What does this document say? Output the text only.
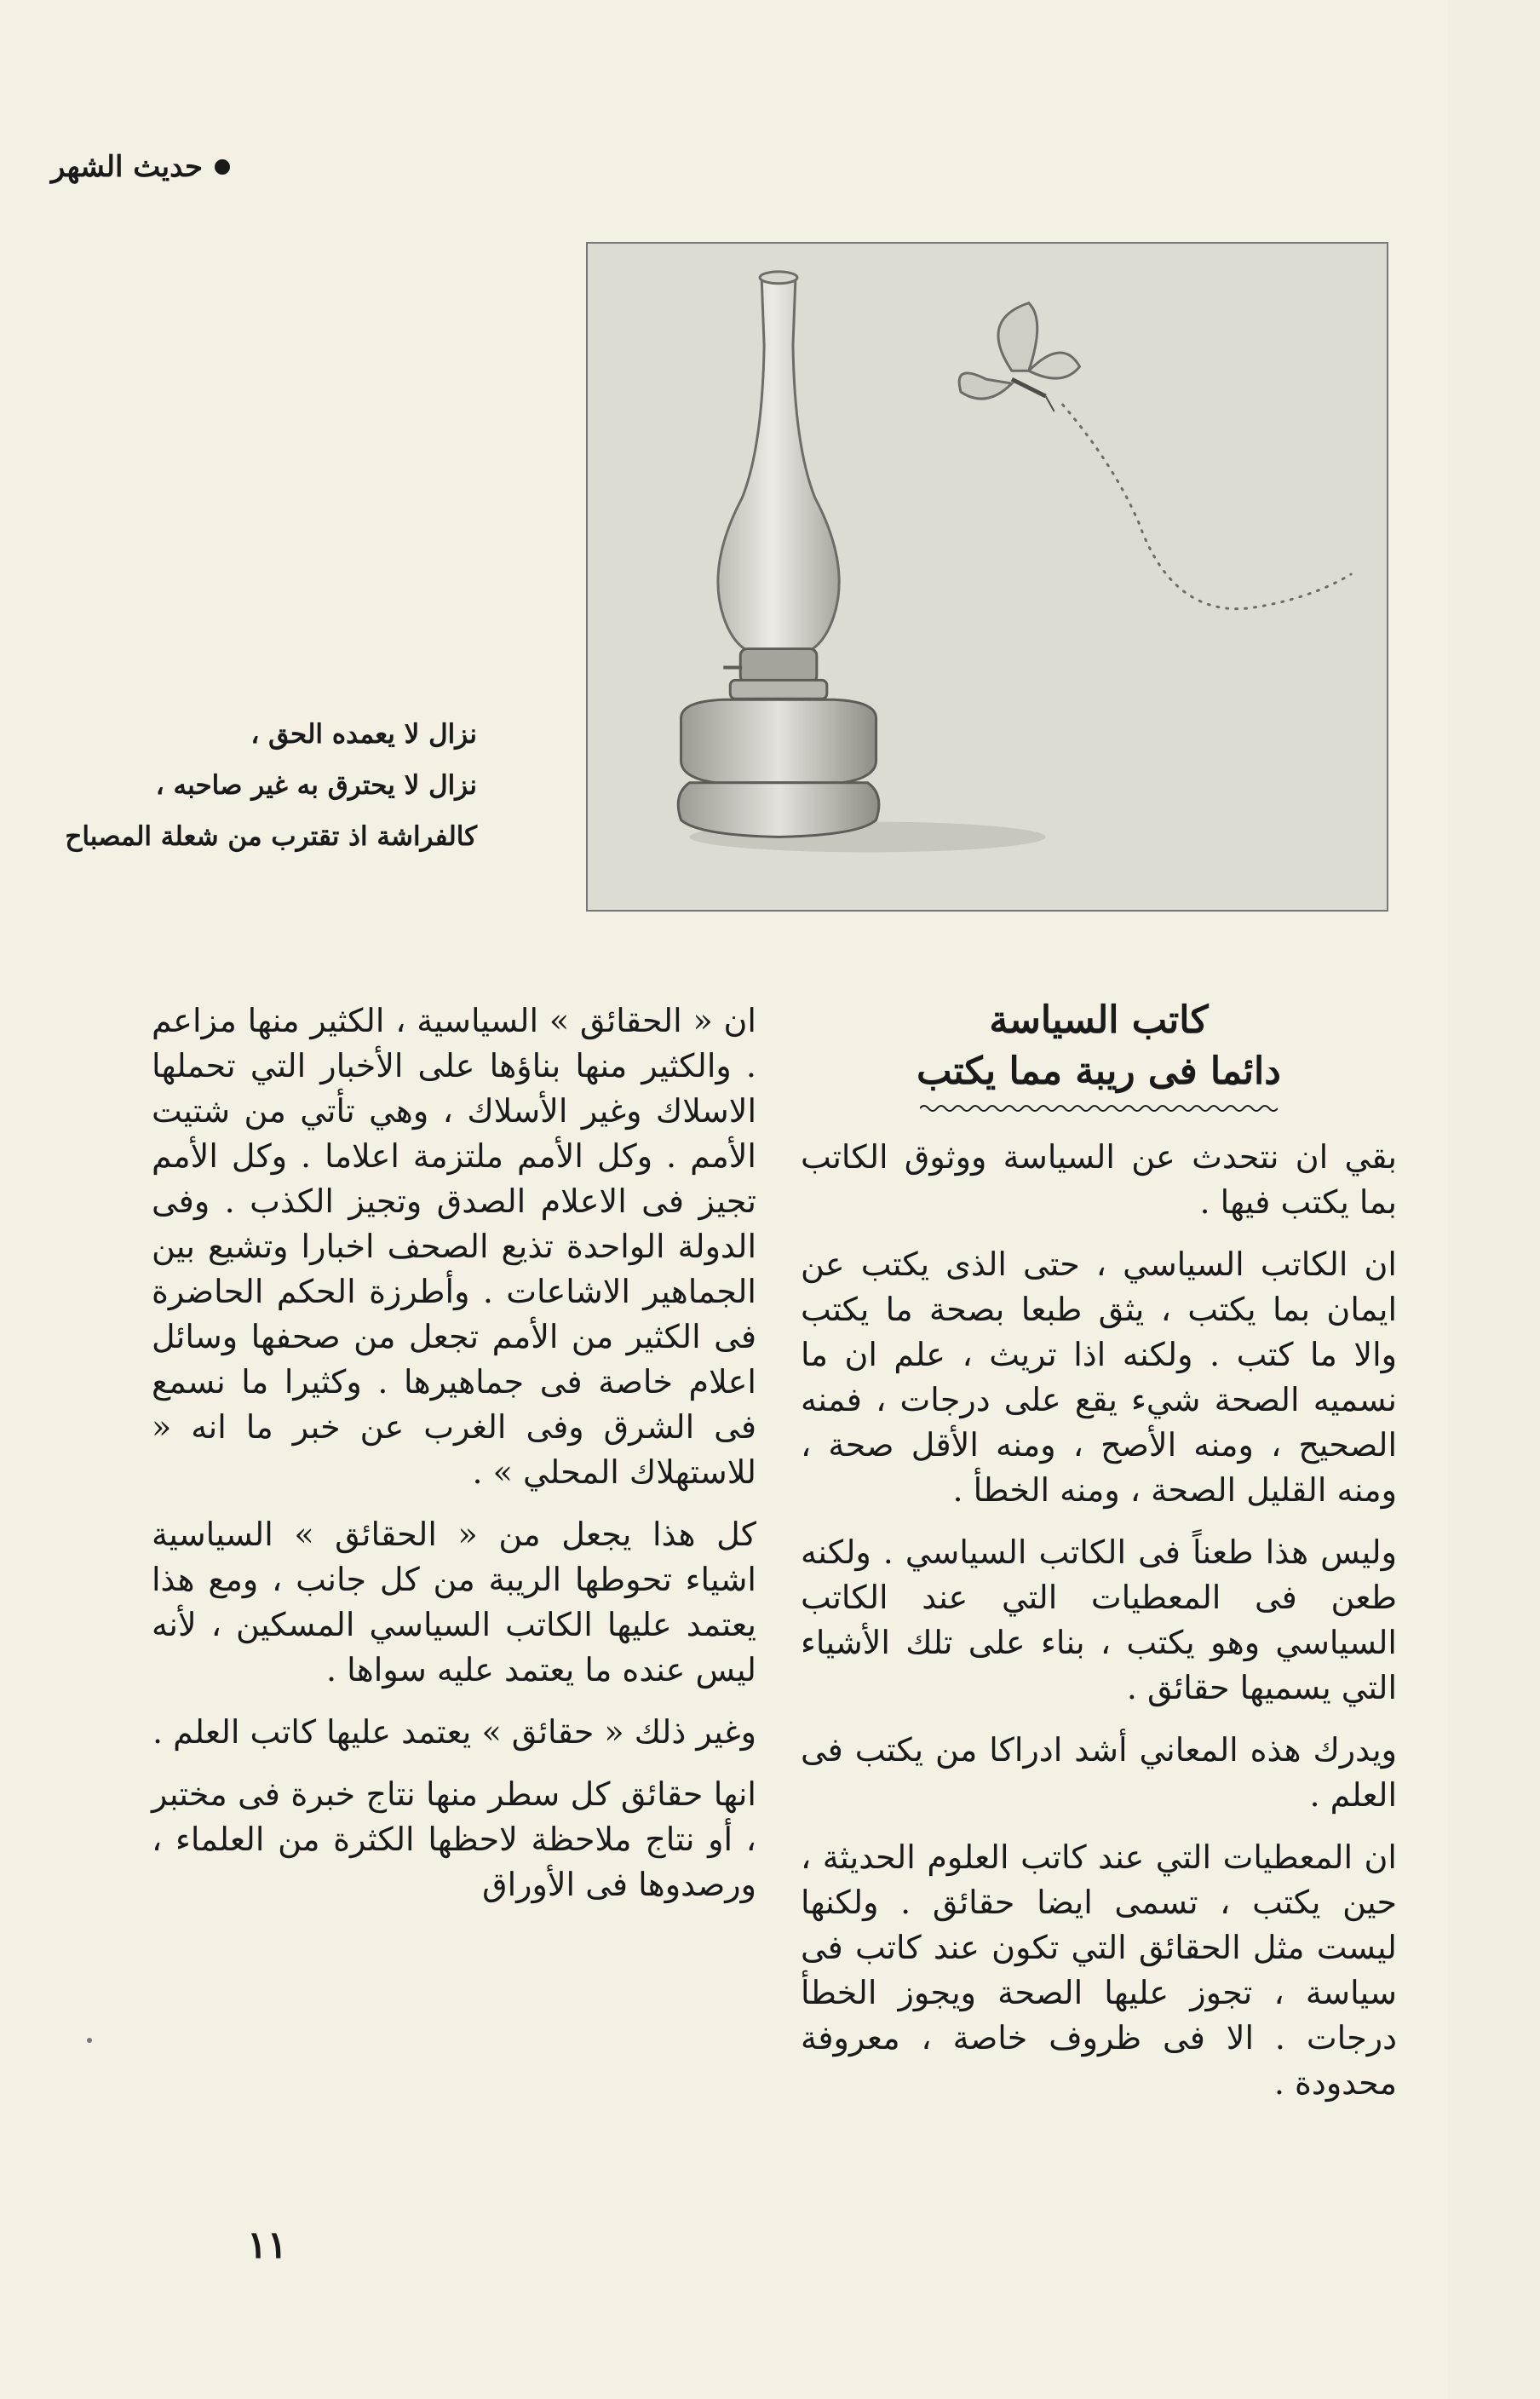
حديث الشهر
نزال لا يعمده الحق ،
نزال لا يحترق به غير صاحبه ،
كالفراشة اذ تقترب من شعلة المصباح
كاتب السياسة
دائما فى ريبة مما يكتب

بقي ان نتحدث عن السياسة ووثوق الكاتب بما يكتب فيها .

ان الكاتب السياسي ، حتى الذى يكتب عن ايمان بما يكتب ، يثق طبعا بصحة ما يكتب والا ما كتب . ولكنه اذا تريث ، علم ان ما نسميه الصحة شيء يقع على درجات ، فمنه الصحيح ، ومنه الأصح ، ومنه الأقل صحة ، ومنه القليل الصحة ، ومنه الخطأ .

وليس هذا طعناً فى الكاتب السياسي . ولكنه طعن فى المعطيات التي عند الكاتب السياسي وهو يكتب ، بناء على تلك الأشياء التي يسميها حقائق .

ويدرك هذه المعاني أشد ادراكا من يكتب فى العلم .

ان المعطيات التي عند كاتب العلوم الحديثة ، حين يكتب ، تسمى ايضا حقائق . ولكنها ليست مثل الحقائق التي تكون عند كاتب فى سياسة ، تجوز عليها الصحة ويجوز الخطأ درجات . الا فى ظروف خاصة ، معروفة محدودة .

ان « الحقائق » السياسية ، الكثير منها مزاعم . والكثير منها بناؤها على الأخبار التي تحملها الاسلاك وغير الأسلاك ، وهي تأتي من شتيت الأمم . وكل الأمم ملتزمة اعلاما . وكل الأمم تجيز فى الاعلام الصدق وتجيز الكذب . وفى الدولة الواحدة تذيع الصحف اخبارا وتشيع بين الجماهير الاشاعات . وأطرزة الحكم الحاضرة فى الكثير من الأمم تجعل من صحفها وسائل اعلام خاصة فى جماهيرها . وكثيرا ما نسمع فى الشرق وفى الغرب عن خبر ما انه « للاستهلاك المحلي » .

كل هذا يجعل من « الحقائق » السياسية اشياء تحوطها الريبة من كل جانب ، ومع هذا يعتمد عليها الكاتب السياسي المسكين ، لأنه ليس عنده ما يعتمد عليه سواها .

وغير ذلك « حقائق » يعتمد عليها كاتب العلم .

انها حقائق كل سطر منها نتاج خبرة فى مختبر ، أو نتاج ملاحظة لاحظها الكثرة من العلماء ، ورصدوها فى الأوراق

١١
